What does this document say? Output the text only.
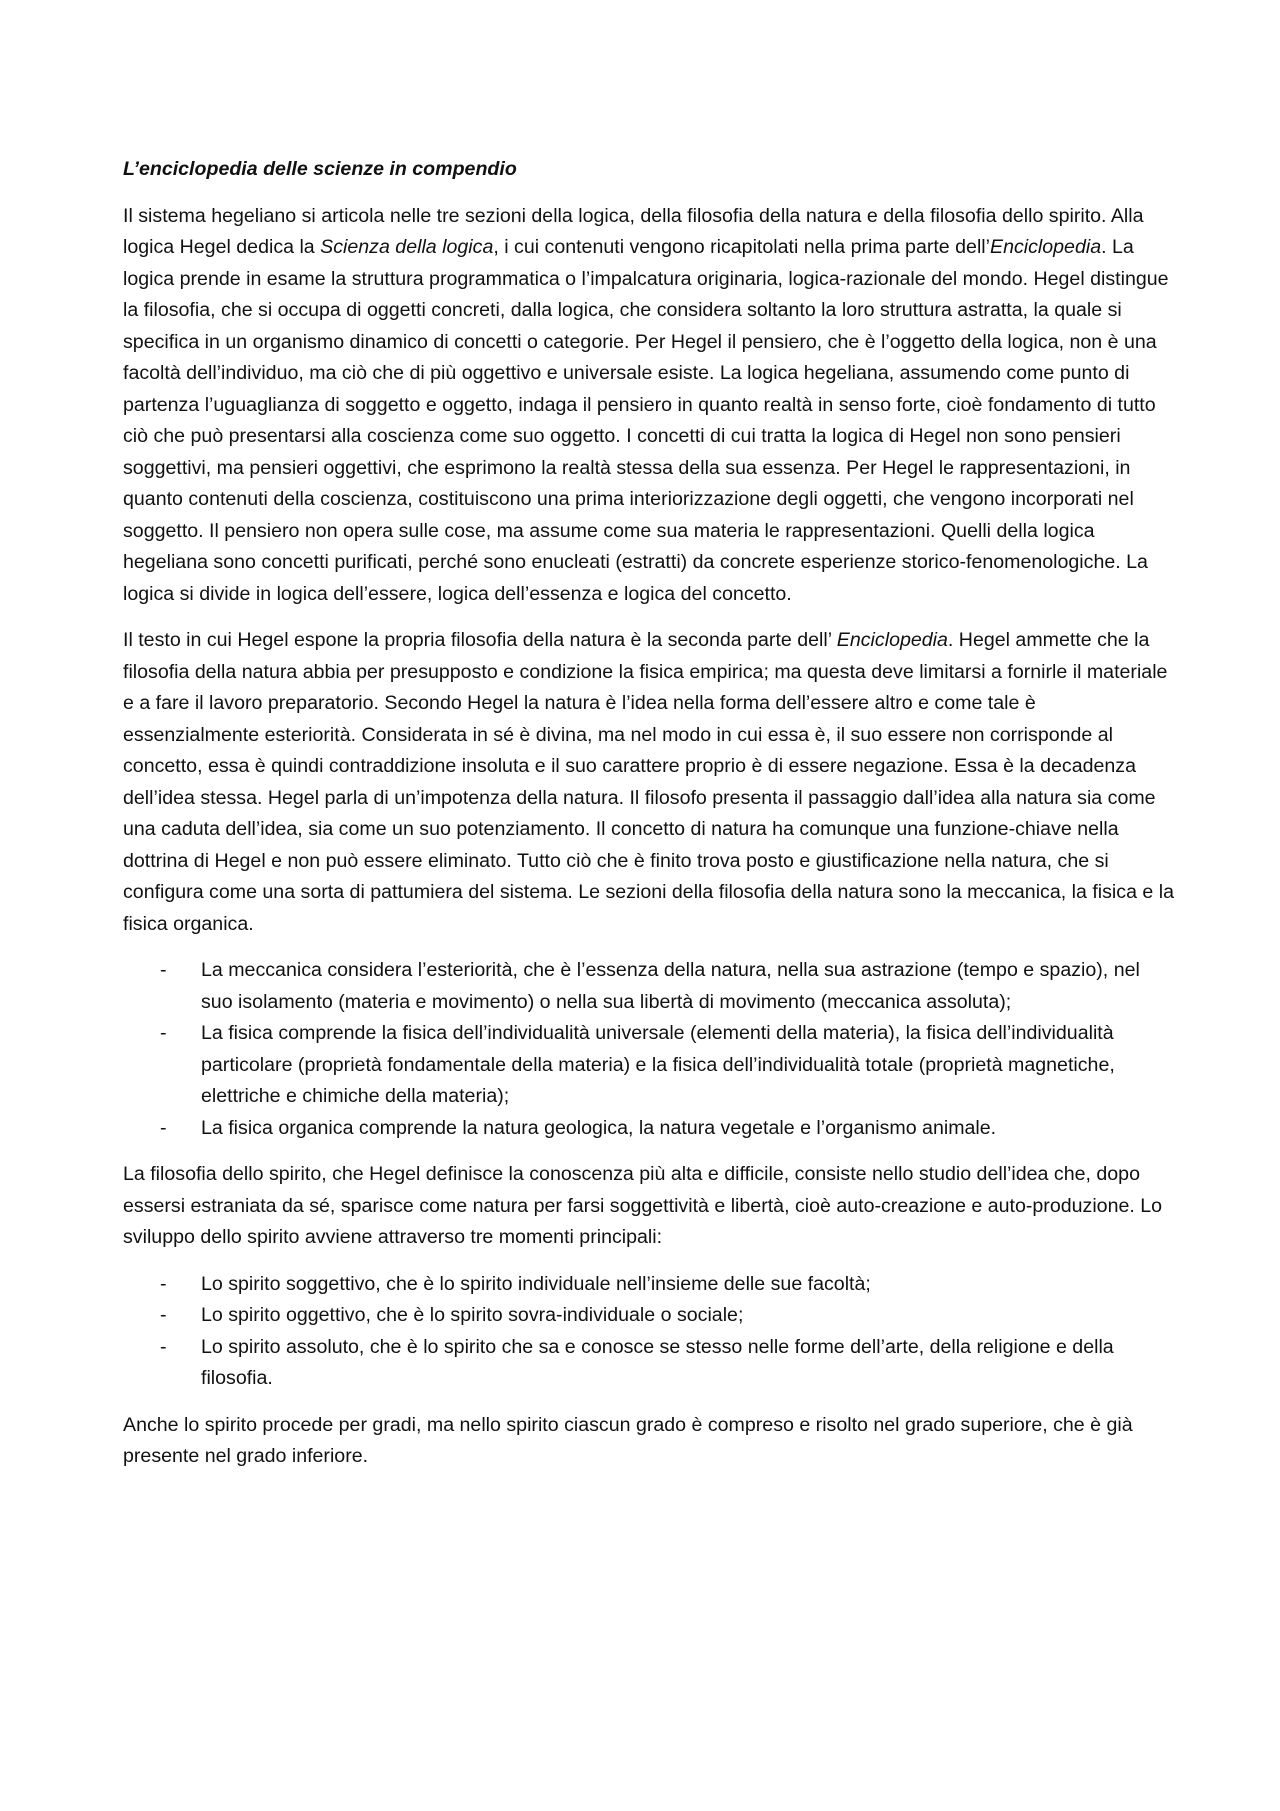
L’enciclopedia delle scienze in compendio

Il sistema hegeliano si articola nelle tre sezioni della logica, della filosofia della natura e della filosofia dello spirito. Alla logica Hegel dedica la Scienza della logica, i cui contenuti vengono ricapitolati nella prima parte dell’Enciclopedia. La logica prende in esame la struttura programmatica o l’impalcatura originaria, logica-razionale del mondo. Hegel distingue la filosofia, che si occupa di oggetti concreti, dalla logica, che considera soltanto la loro struttura astratta, la quale si specifica in un organismo dinamico di concetti o categorie. Per Hegel il pensiero, che è l’oggetto della logica, non è una facoltà dell’individuo, ma ciò che di più oggettivo e universale esiste. La logica hegeliana, assumendo come punto di partenza l’uguaglianza di soggetto e oggetto, indaga il pensiero in quanto realtà in senso forte, cioè fondamento di tutto ciò che può presentarsi alla coscienza come suo oggetto. I concetti di cui tratta la logica di Hegel non sono pensieri soggettivi, ma pensieri oggettivi, che esprimono la realtà stessa della sua essenza. Per Hegel le rappresentazioni, in quanto contenuti della coscienza, costituiscono una prima interiorizzazione degli oggetti, che vengono incorporati nel soggetto. Il pensiero non opera sulle cose, ma assume come sua materia le rappresentazioni. Quelli della logica hegeliana sono concetti purificati, perché sono enucleati (estratti) da concrete esperienze storico-fenomenologiche. La logica si divide in logica dell’essere, logica dell’essenza e logica del concetto.

Il testo in cui Hegel espone la propria filosofia della natura è la seconda parte dell’ Enciclopedia. Hegel ammette che la filosofia della natura abbia per presupposto e condizione la fisica empirica; ma questa deve limitarsi a fornirle il materiale e a fare il lavoro preparatorio. Secondo Hegel la natura è l’idea nella forma dell’essere altro e come tale è essenzialmente esteriorità. Considerata in sé è divina, ma nel modo in cui essa è, il suo essere non corrisponde al concetto, essa è quindi contraddizione insoluta e il suo carattere proprio è di essere negazione. Essa è la decadenza dell’idea stessa. Hegel parla di un’impotenza della natura. Il filosofo presenta il passaggio dall’idea alla natura sia come una caduta dell’idea, sia come un suo potenziamento. Il concetto di natura ha comunque una funzione-chiave nella dottrina di Hegel e non può essere eliminato. Tutto ciò che è finito trova posto e giustificazione nella natura, che si configura come una sorta di pattumiera del sistema. Le sezioni della filosofia della natura sono la meccanica, la fisica e la fisica organica.

- La meccanica considera l’esteriorità, che è l’essenza della natura, nella sua astrazione (tempo e spazio), nel suo isolamento (materia e movimento) o nella sua libertà di movimento (meccanica assoluta);
- La fisica comprende la fisica dell’individualità universale (elementi della materia), la fisica dell’individualità particolare (proprietà fondamentale della materia) e la fisica dell’individualità totale (proprietà magnetiche, elettriche e chimiche della materia);
- La fisica organica comprende la natura geologica, la natura vegetale e l’organismo animale.

La filosofia dello spirito, che Hegel definisce la conoscenza più alta e difficile, consiste nello studio dell’idea che, dopo essersi estraniata da sé, sparisce come natura per farsi soggettività e libertà, cioè auto-creazione e auto-produzione. Lo sviluppo dello spirito avviene attraverso tre momenti principali:

- Lo spirito soggettivo, che è lo spirito individuale nell’insieme delle sue facoltà;
- Lo spirito oggettivo, che è lo spirito sovra-individuale o sociale;
- Lo spirito assoluto, che è lo spirito che sa e conosce se stesso nelle forme dell’arte, della religione e della filosofia.

Anche lo spirito procede per gradi, ma nello spirito ciascun grado è compreso e risolto nel grado superiore, che è già presente nel grado inferiore.
